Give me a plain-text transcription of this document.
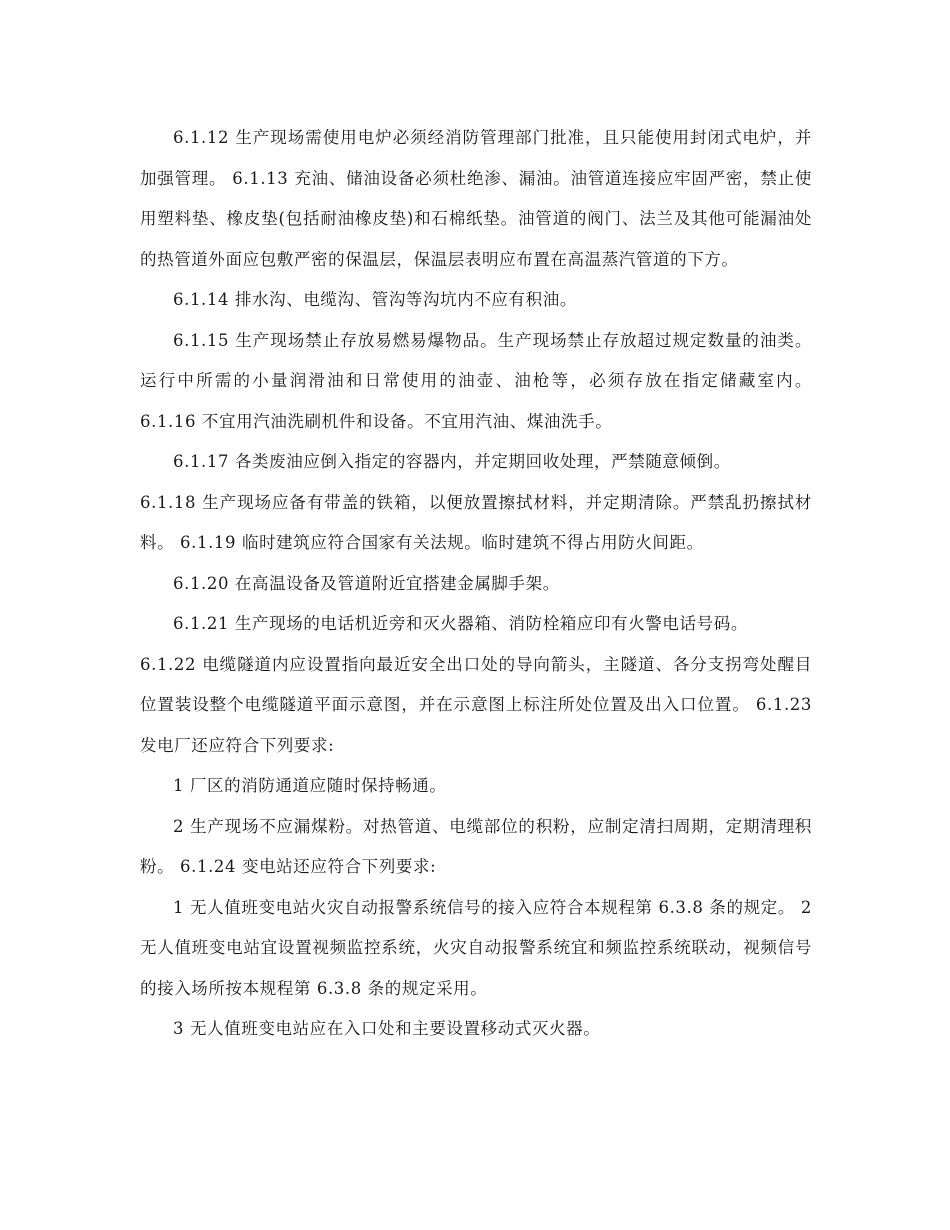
6.1.12 生产现场需使用电炉必须经消防管理部门批准，且只能使用封闭式电炉，并加强管理。 6.1.13 充油、储油设备必须杜绝渗、漏油。油管道连接应牢固严密，禁止使用塑料垫、橡皮垫(包括耐油橡皮垫)和石棉纸垫。油管道的阀门、法兰及其他可能漏油处的热管道外面应包敷严密的保温层，保温层表明应布置在高温蒸汽管道的下方。

6.1.14 排水沟、电缆沟、管沟等沟坑内不应有积油。

6.1.15 生产现场禁止存放易燃易爆物品。生产现场禁止存放超过规定数量的油类。运行中所需的小量润滑油和日常使用的油壶、油枪等，必须存放在指定储藏室内。 6.1.16 不宜用汽油洗刷机件和设备。不宜用汽油、煤油洗手。

6.1.17 各类废油应倒入指定的容器内，并定期回收处理，严禁随意倾倒。

6.1.18 生产现场应备有带盖的铁箱，以便放置擦拭材料，并定期清除。严禁乱扔擦拭材料。 6.1.19 临时建筑应符合国家有关法规。临时建筑不得占用防火间距。

6.1.20 在高温设备及管道附近宜搭建金属脚手架。

6.1.21 生产现场的电话机近旁和灭火器箱、消防栓箱应印有火警电话号码。

6.1.22 电缆隧道内应设置指向最近安全出口处的导向箭头，主隧道、各分支拐弯处醒目位置装设整个电缆隧道平面示意图，并在示意图上标注所处位置及出入口位置。 6.1.23 发电厂还应符合下列要求:

1 厂区的消防通道应随时保持畅通。

2 生产现场不应漏煤粉。对热管道、电缆部位的积粉，应制定清扫周期，定期清理积粉。 6.1.24 变电站还应符合下列要求:

1 无人值班变电站火灾自动报警系统信号的接入应符合本规程第 6.3.8 条的规定。 2 无人值班变电站宜设置视频监控系统，火灾自动报警系统宜和频监控系统联动，视频信号的接入场所按本规程第 6.3.8 条的规定采用。

3 无人值班变电站应在入口处和主要设置移动式灭火器。
